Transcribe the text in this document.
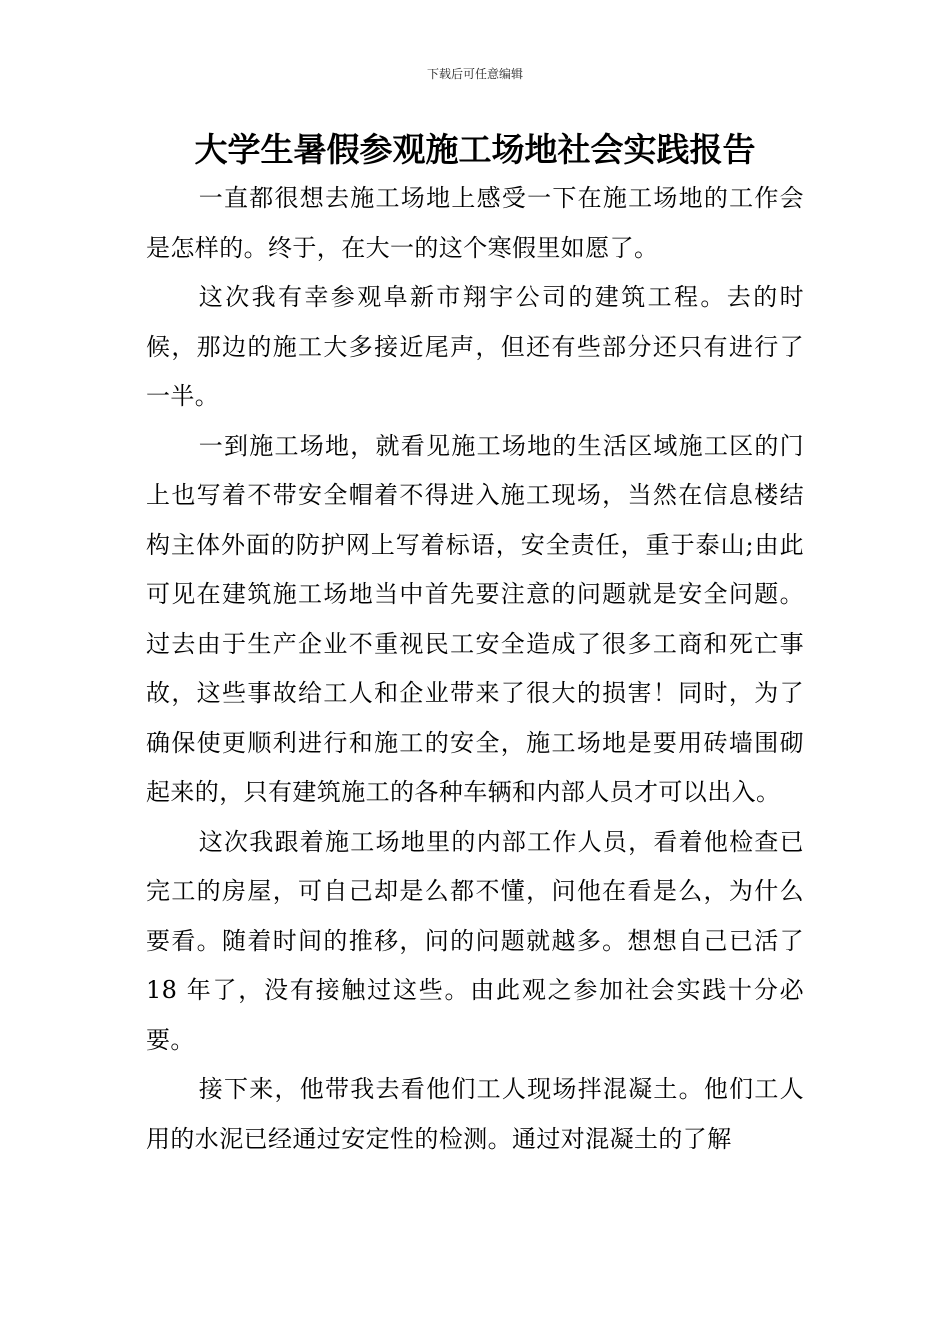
下载后可任意编辑
大学生暑假参观施工场地社会实践报告

一直都很想去施工场地上感受一下在施工场地的工作会是怎样的。终于，在大一的这个寒假里如愿了。

这次我有幸参观阜新市翔宇公司的建筑工程。去的时候，那边的施工大多接近尾声，但还有些部分还只有进行了一半。

一到施工场地，就看见施工场地的生活区域施工区的门上也写着不带安全帽着不得进入施工现场，当然在信息楼结构主体外面的防护网上写着标语，安全责任，重于泰山;由此可见在建筑施工场地当中首先要注意的问题就是安全问题。过去由于生产企业不重视民工安全造成了很多工商和死亡事故，这些事故给工人和企业带来了很大的损害！同时，为了确保使更顺利进行和施工的安全，施工场地是要用砖墙围砌起来的，只有建筑施工的各种车辆和内部人员才可以出入。

这次我跟着施工场地里的内部工作人员，看着他检查已完工的房屋，可自己却是么都不懂，问他在看是么，为什么要看。随着时间的推移，问的问题就越多。想想自己已活了 18 年了，没有接触过这些。由此观之参加社会实践十分必要。

接下来，他带我去看他们工人现场拌混凝土。他们工人用的水泥已经通过安定性的检测。通过对混凝土的了解
